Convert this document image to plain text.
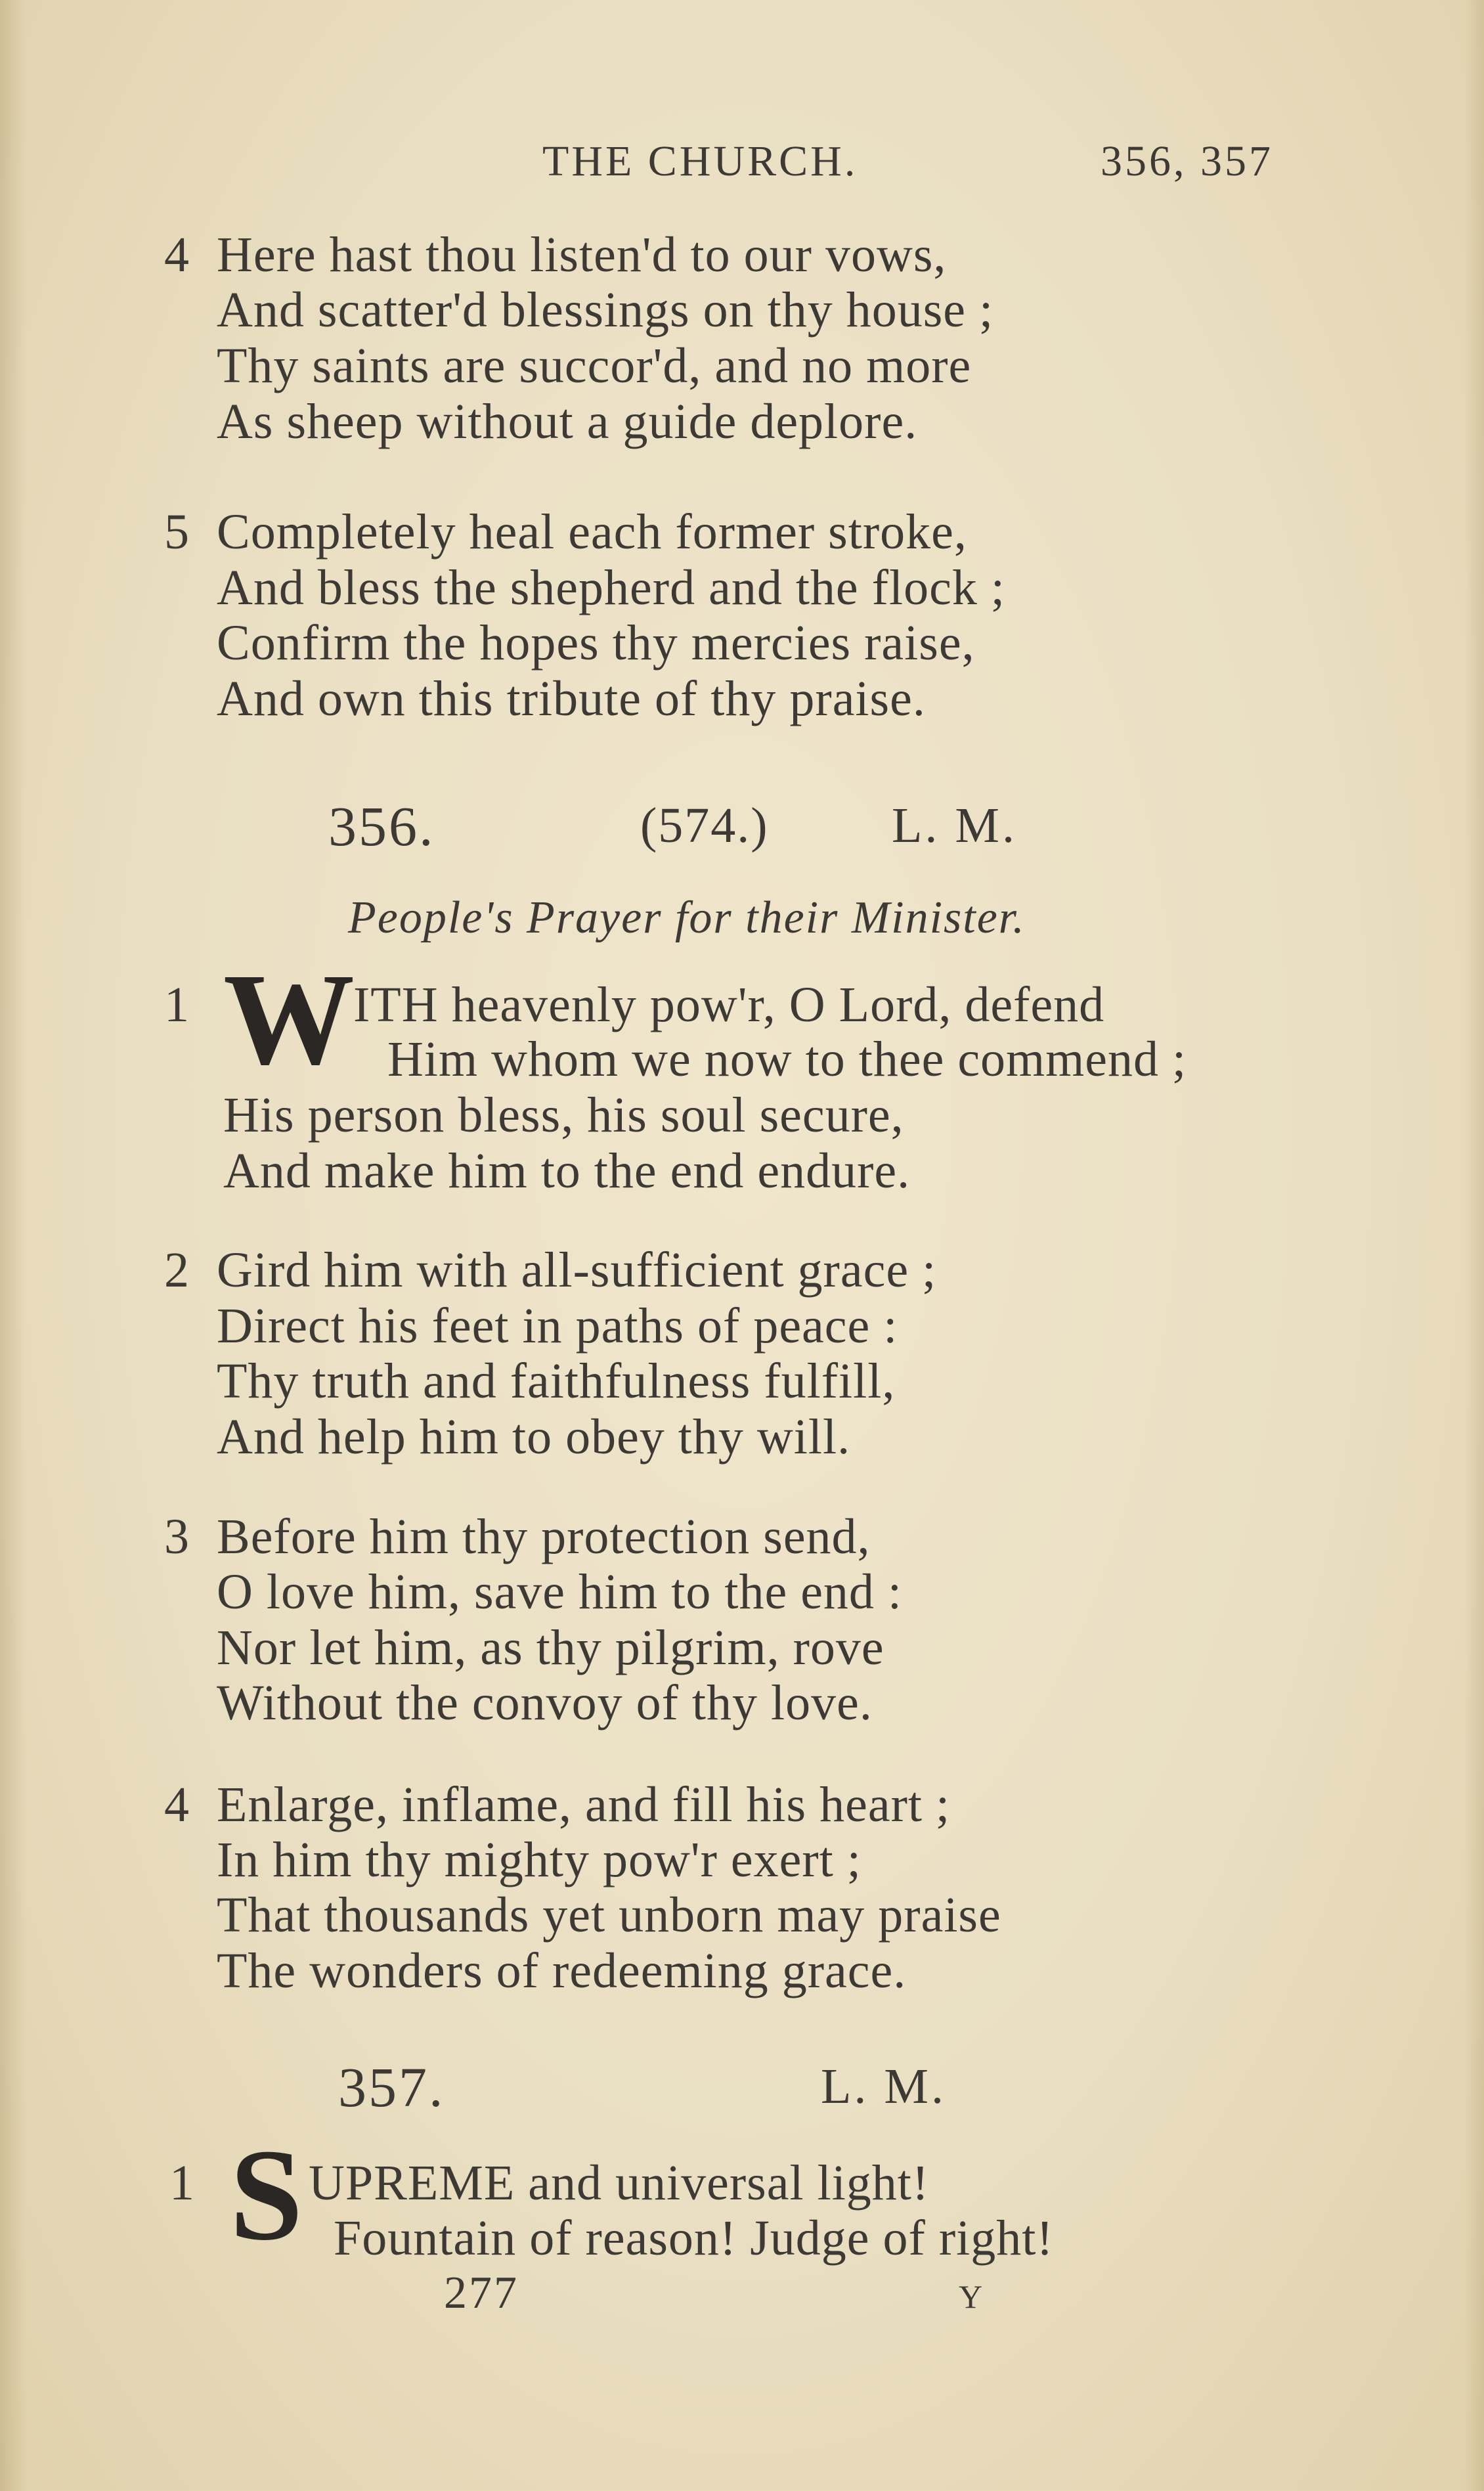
THE CHURCH.	356, 357
4 Here hast thou listen'd to our vows,
And scatter'd blessings on thy house ;
Thy saints are succor'd, and no more
As sheep without a guide deplore.
5 Completely heal each former stroke,
And bless the shepherd and the flock ;
Confirm the hopes thy mercies raise,
And own this tribute of thy praise.
356.	(574.) L. M.
People's Prayer for their Minister.
1 W
ITH heavenly pow'r, O Lord, defend
Him whom we now to thee commend ;
His person bless, his soul secure,
And make him to the end endure.
2 Gird him with all-sufficient grace ;
Direct his feet in paths of peace :
Thy truth and faithfulness fulfill,
And help him to obey thy will.
3 Before him thy protection send,
O love him, save him to the end :
Nor let him, as thy pilgrim, rove
Without the convoy of thy love.
4 Enlarge, inflame, and fill his heart ;
In him thy mighty pow'r exert ;
That thousands yet unborn may praise
The wonders of redeeming grace.
357.	L. M.
1 S UPREME and universal light!
Fountain of reason! Judge of right!
277	Y
